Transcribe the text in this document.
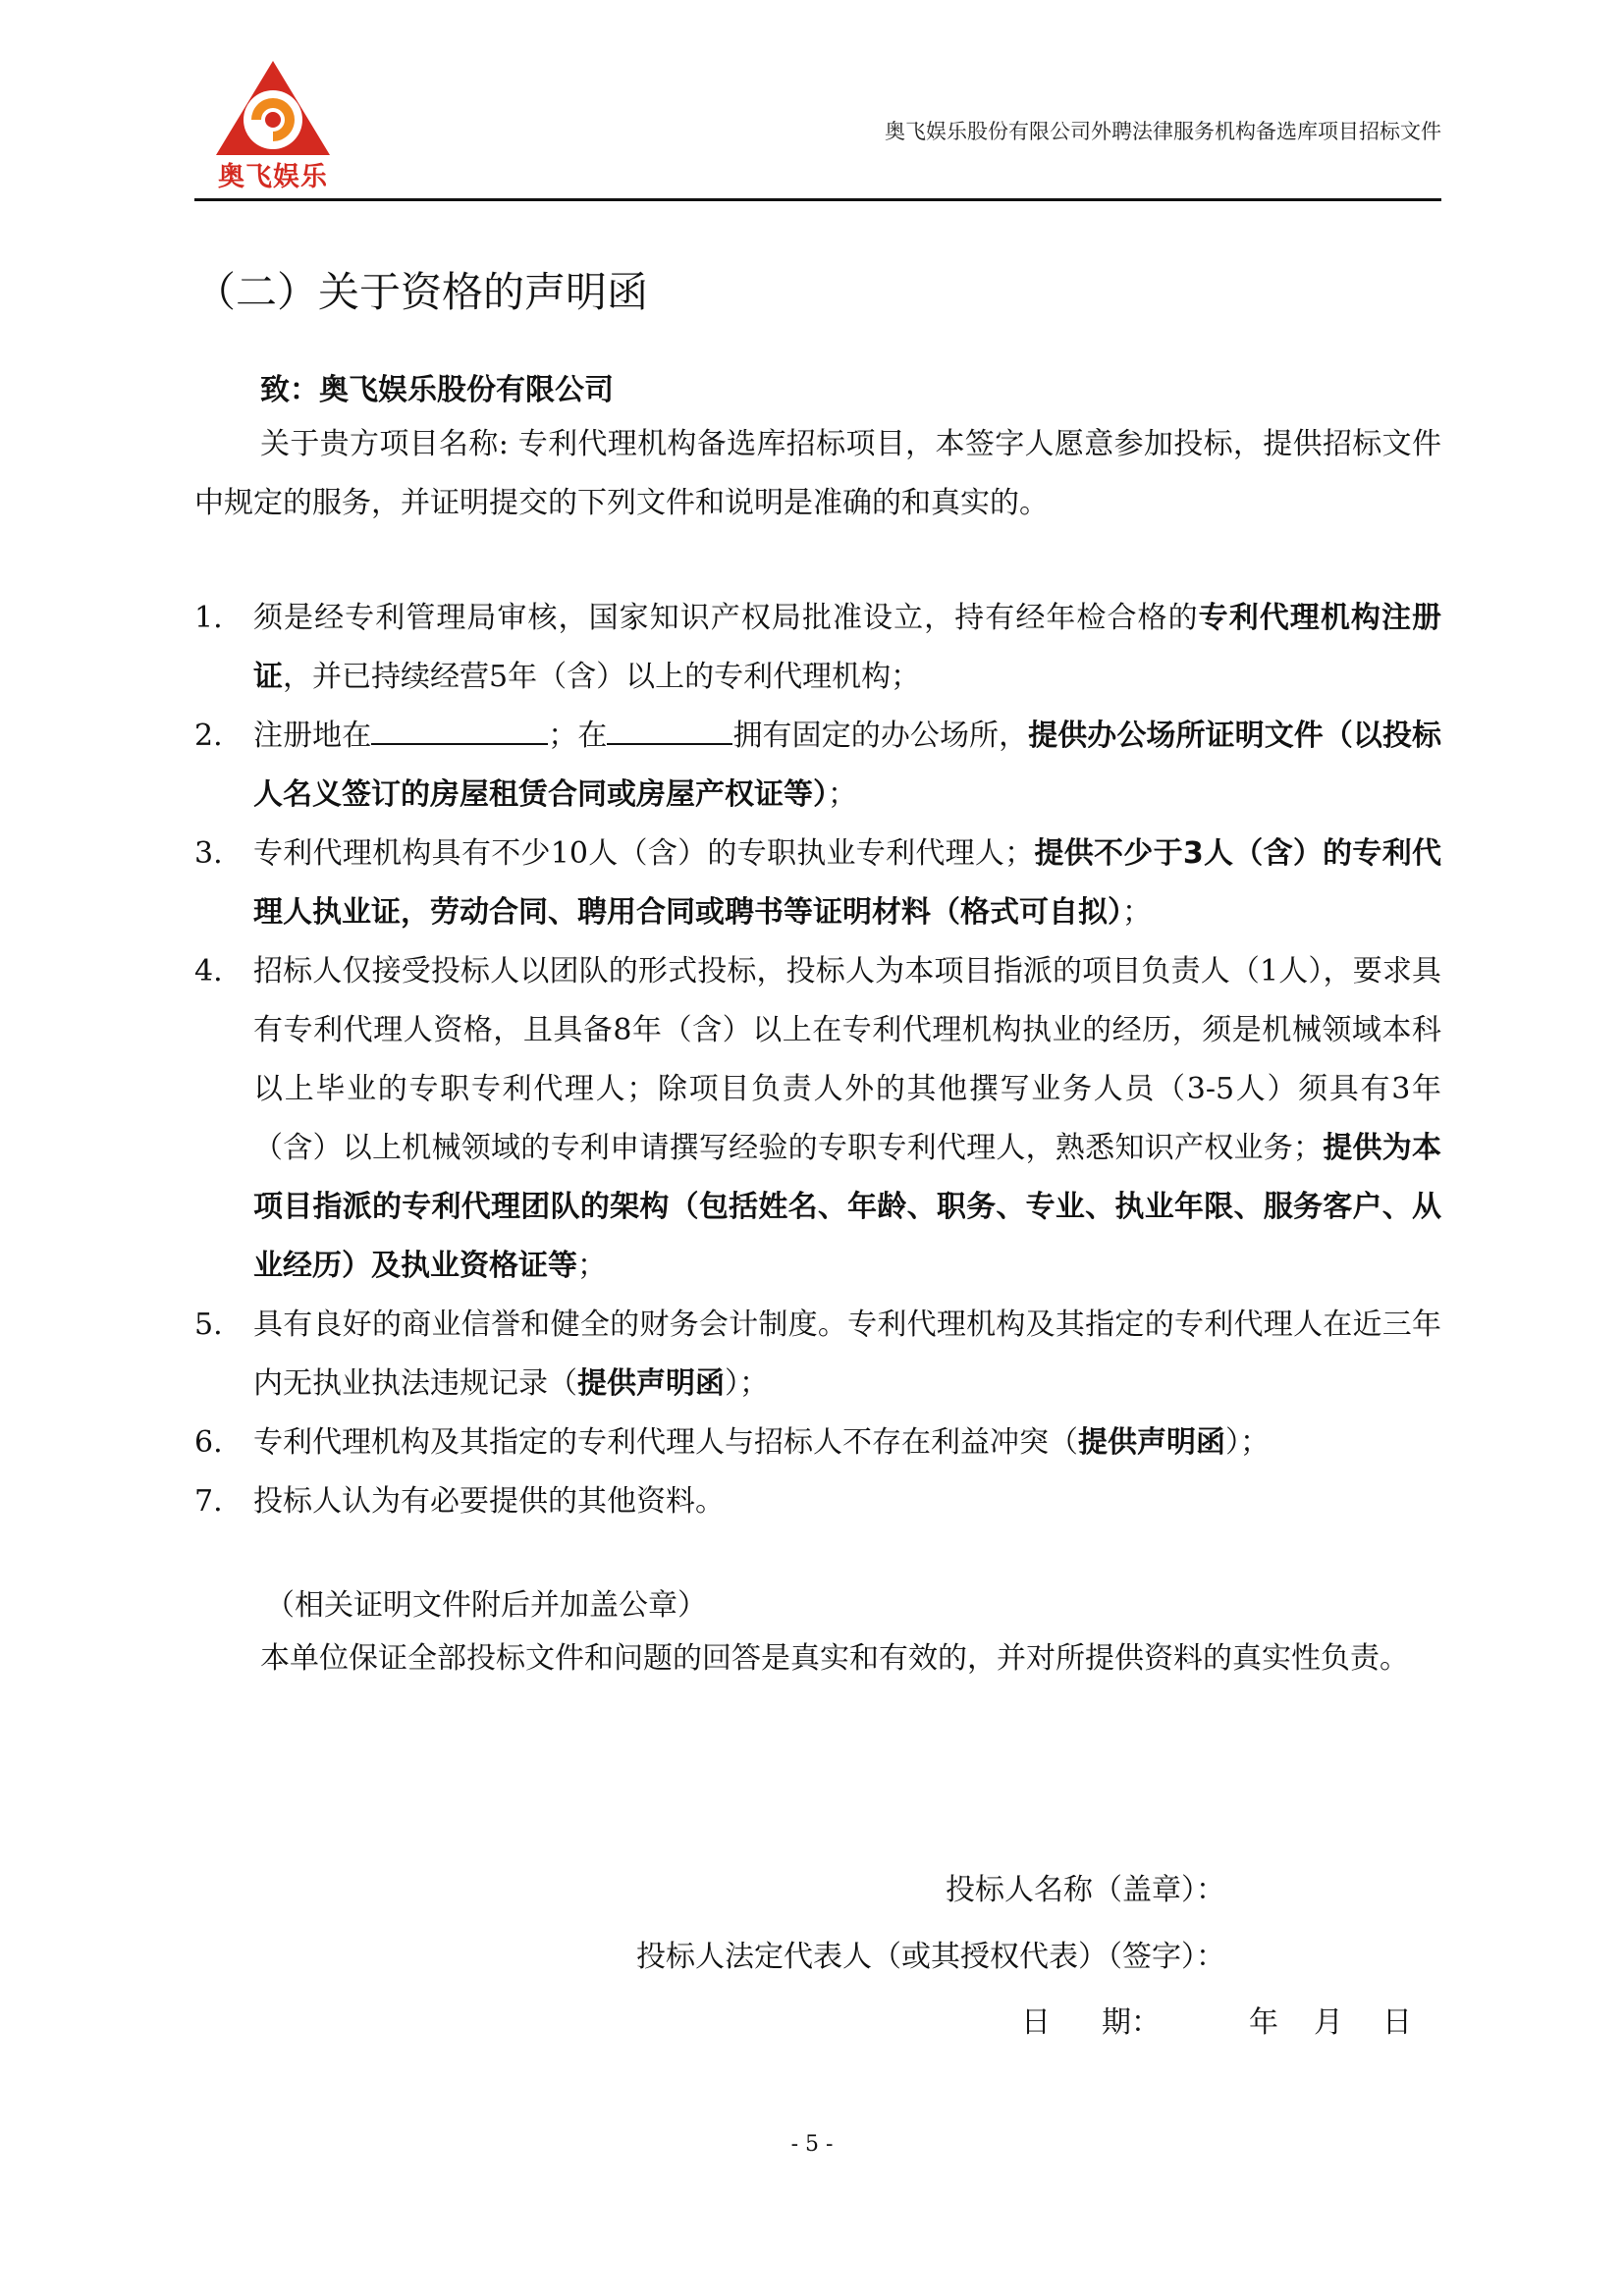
奥飞娱乐
奥飞娱乐股份有限公司外聘法律服务机构备选库项目招标文件
（二）关于资格的声明函
致：奥飞娱乐股份有限公司

关于贵方项目名称: 专利代理机构备选库招标项目，本签字人愿意参加投标，提供招标文件中规定的服务，并证明提交的下列文件和说明是准确的和真实的。

1. 须是经专利管理局审核，国家知识产权局批准设立，持有经年检合格的专利代理机构注册证，并已持续经营5年（含）以上的专利代理机构；
2. 注册地在	；在	拥有固定的办公场所，提供办公场所证明文件（以投标人名义签订的房屋租赁合同或房屋产权证等）；
3. 专利代理机构具有不少10人（含）的专职执业专利代理人；提供不少于3人（含）的专利代理人执业证，劳动合同、聘用合同或聘书等证明材料（格式可自拟）；
4. 招标人仅接受投标人以团队的形式投标，投标人为本项目指派的项目负责人（1人），要求具有专利代理人资格，且具备8年（含）以上在专利代理机构执业的经历，须是机械领域本科以上毕业的专职专利代理人；除项目负责人外的其他撰写业务人员（3-5人）须具有3年（含）以上机械领域的专利申请撰写经验的专职专利代理人，熟悉知识产权业务；提供为本项目指派的专利代理团队的架构（包括姓名、年龄、职务、专业、执业年限、服务客户、从业经历）及执业资格证等；
5. 具有良好的商业信誉和健全的财务会计制度。专利代理机构及其指定的专利代理人在近三年内无执业执法违规记录（提供声明函）；
6. 专利代理机构及其指定的专利代理人与招标人不存在利益冲突（提供声明函）；
7. 投标人认为有必要提供的其他资料。
（相关证明文件附后并加盖公章）

本单位保证全部投标文件和问题的回答是真实和有效的，并对所提供资料的真实性负责。

投标人名称（盖章）：
投标人法定代表人（或其授权代表）（签字）：
日 期：	年 月 日
- 5 -
